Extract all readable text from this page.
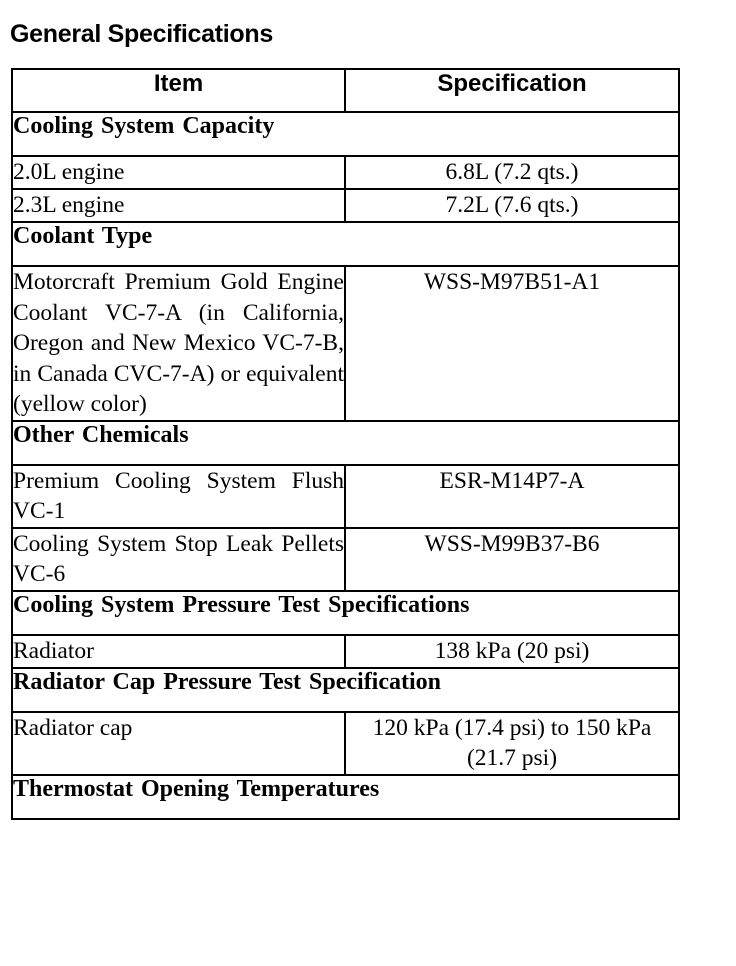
General Specifications
Item	Specification
Cooling System Capacity	
2.0L engine	6.8L (7.2 qts.)
2.3L engine	7.2L (7.6 qts.)
Coolant Type	
Motorcraft Premium Gold Engine Coolant VC-7-A (in California, Oregon and New Mexico VC-7-B, in Canada CVC-7-A) or equivalent (yellow color)	WSS-M97B51-A1
Other Chemicals	
Premium Cooling System Flush VC-1	ESR-M14P7-A
Cooling System Stop Leak Pellets VC-6	WSS-M99B37-B6
Cooling System Pressure Test Specifications	
Radiator	138 kPa (20 psi)
Radiator Cap Pressure Test Specification	
Radiator cap	120 kPa (17.4 psi) to 150 kPa (21.7 psi)
Thermostat Opening Temperatures	
